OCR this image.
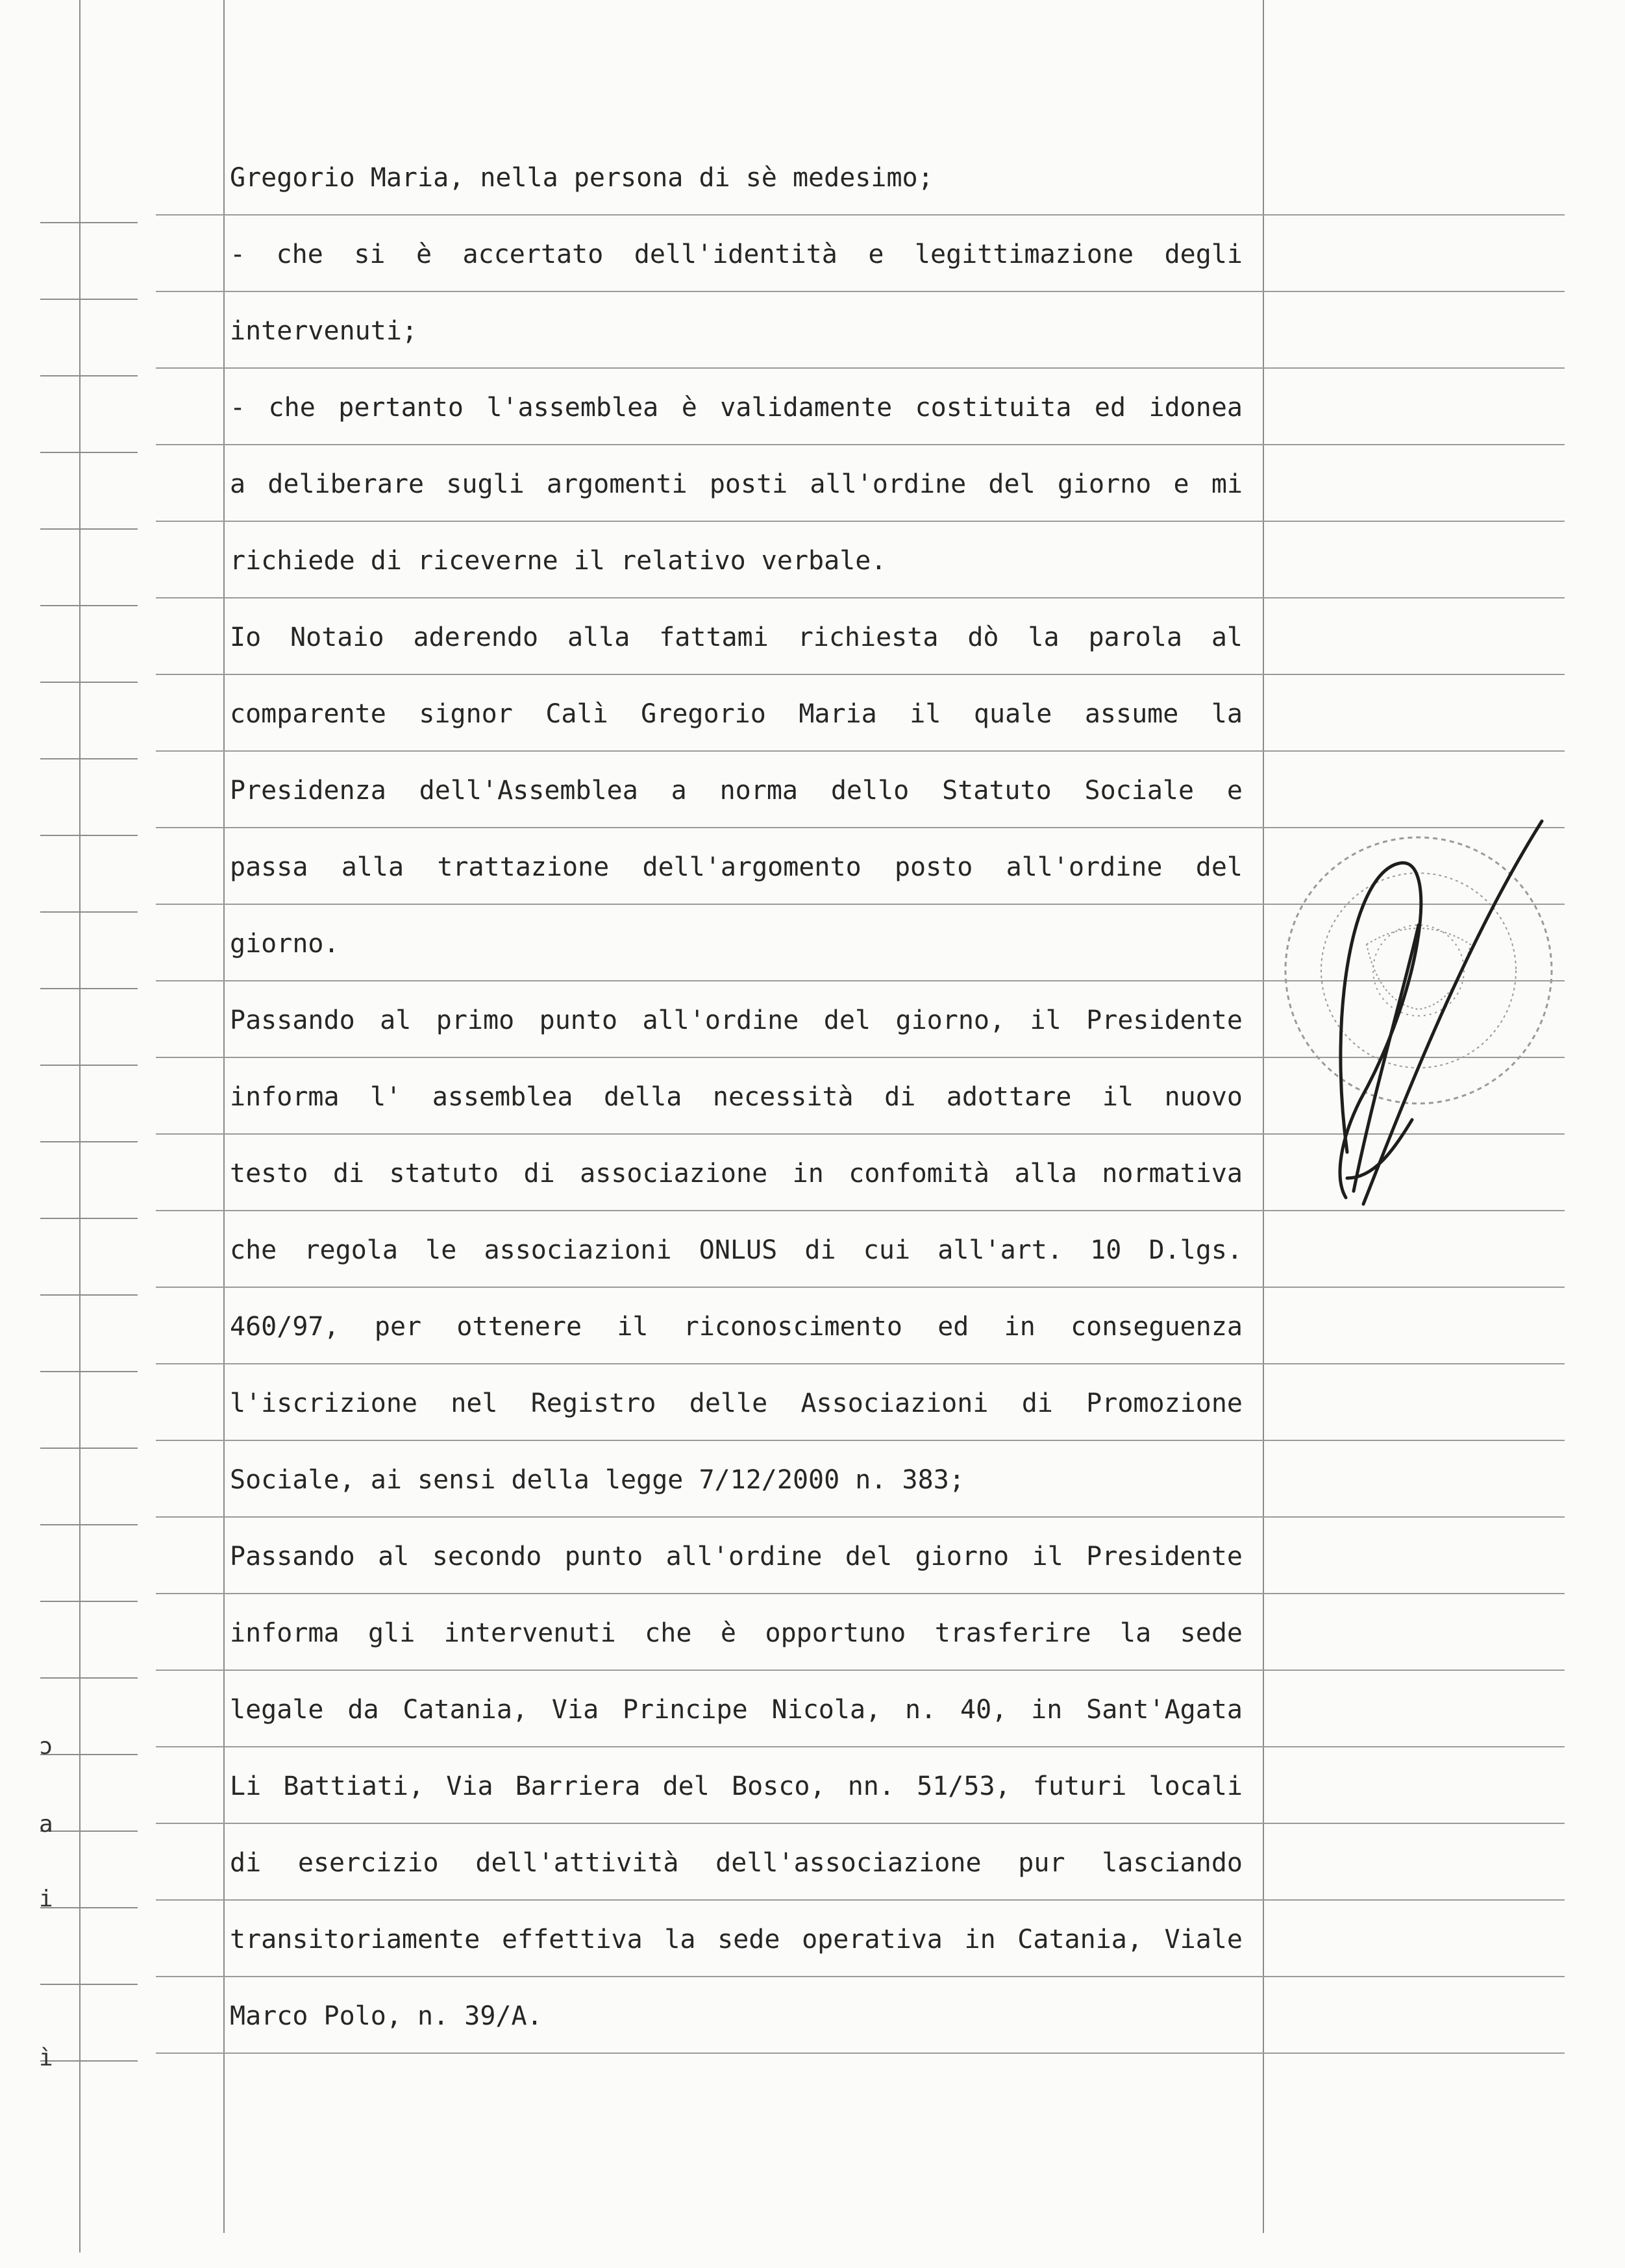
Gregorio Maria, nella persona di sè medesimo;
- che si è accertato dell'identità e legittimazione degli
intervenuti;
- che pertanto l'assemblea è validamente costituita ed idonea
a deliberare sugli argomenti posti all'ordine del giorno e mi
richiede di riceverne il relativo verbale.
Io Notaio aderendo alla fattami richiesta dò la parola al
comparente signor Calì Gregorio Maria il quale assume la
Presidenza dell'Assemblea a norma dello Statuto Sociale e
passa alla trattazione dell'argomento posto all'ordine del
giorno.
Passando al primo punto all'ordine del giorno, il Presidente
informa l' assemblea della necessità di adottare il nuovo
testo di statuto di associazione in confomità alla normativa
che regola le associazioni ONLUS di cui all'art. 10 D.lgs.
460/97, per ottenere il riconoscimento ed in conseguenza
l'iscrizione nel Registro delle Associazioni di Promozione
Sociale, ai sensi della legge 7/12/2000 n. 383;
Passando al secondo punto all'ordine del giorno il Presidente
informa gli intervenuti che è opportuno trasferire la sede
legale da Catania, Via Principe Nicola, n. 40, in Sant'Agata
Li Battiati, Via Barriera del Bosco, nn. 51/53, futuri locali
di esercizio dell'attività dell'associazione pur lasciando
transitoriamente effettiva la sede operativa in Catania, Viale
Marco Polo, n. 39/A.
ɔ
a
i
ì
